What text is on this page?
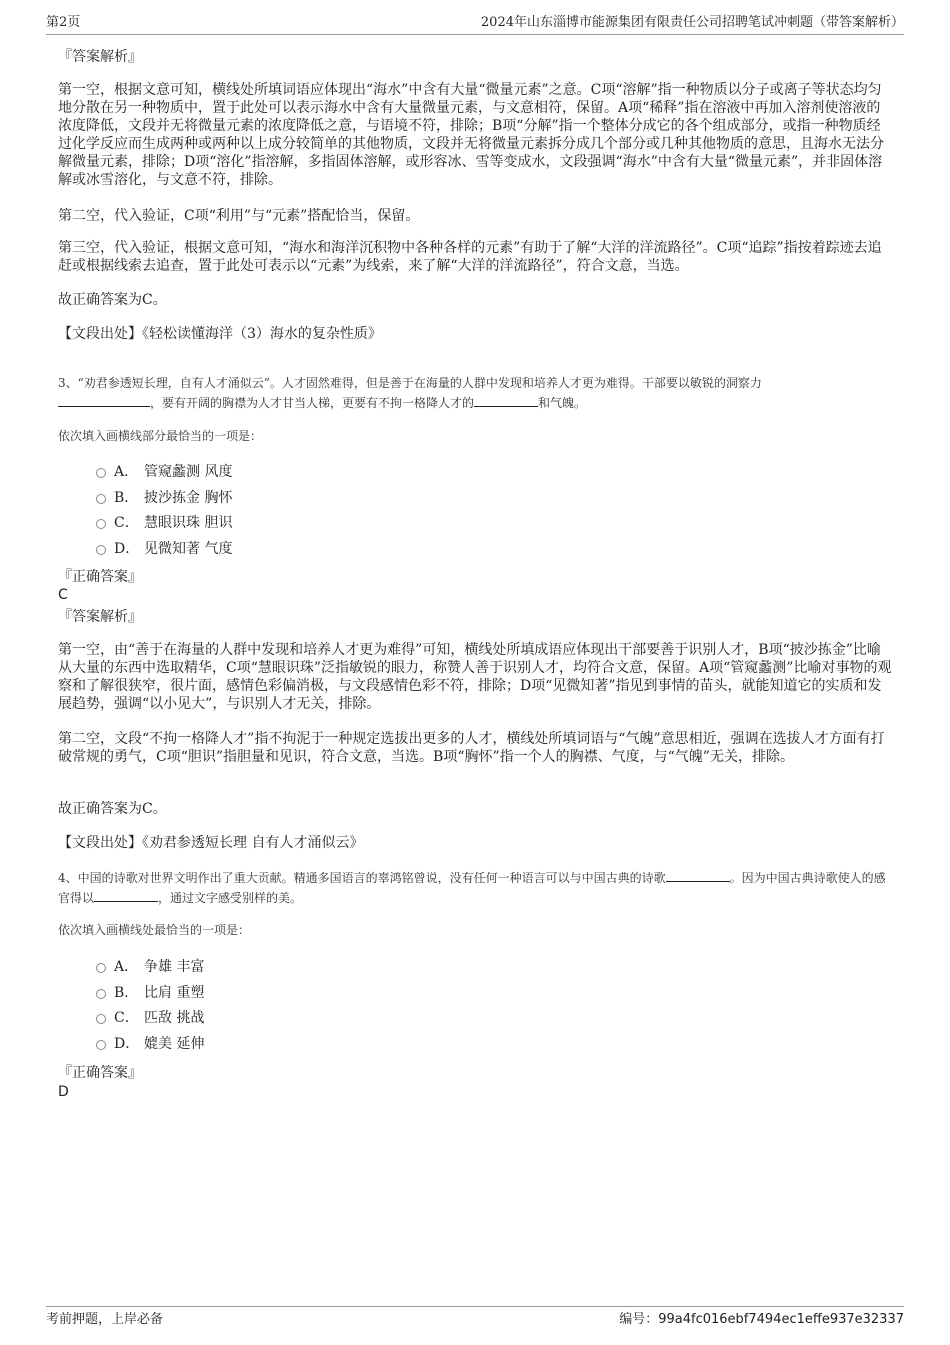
第2页	2024年山东淄博市能源集团有限责任公司招聘笔试冲刺题（带答案解析）

『答案解析』

第一空，根据文意可知，横线处所填词语应体现出“海水”中含有大量“微量元素”之意。C项“溶解”指一种物质以分子或离子等状态均匀地分散在另一种物质中，置于此处可以表示海水中含有大量微量元素，与文意相符，保留。A项“稀释”指在溶液中再加入溶剂使溶液的浓度降低，文段并无将微量元素的浓度降低之意，与语境不符，排除；B项“分解”指一个整体分成它的各个组成部分，或指一种物质经过化学反应而生成两种或两种以上成分较简单的其他物质，文段并无将微量元素拆分成几个部分或几种其他物质的意思，且海水无法分解微量元素，排除；D项“溶化”指溶解，多指固体溶解，或形容冰、雪等变成水，文段强调“海水”中含有大量“微量元素”，并非固体溶解或冰雪溶化，与文意不符，排除。

第二空，代入验证，C项“利用”与“元素”搭配恰当，保留。

第三空，代入验证，根据文意可知，“海水和海洋沉积物中各种各样的元素”有助于了解“大洋的洋流路径”。C项“追踪”指按着踪迹去追赶或根据线索去追查，置于此处可表示以“元素”为线索，来了解“大洋的洋流路径”，符合文意，当选。

故正确答案为C。

【文段出处】《轻松读懂海洋（3）海水的复杂性质》

3、“劝君参透短长理，自有人才涌似云”。人才固然难得，但是善于在海量的人群中发现和培养人才更为难得。干部要以敏锐的洞察力
，要有开阔的胸襟为人才甘当人梯，更要有不拘一格降人才的	和气魄。

依次填入画横线部分最恰当的一项是：

A． 管窥蠡测 风度
B． 披沙拣金 胸怀
C． 慧眼识珠 胆识
D． 见微知著 气度

『正确答案』

C

『答案解析』

第一空，由“善于在海量的人群中发现和培养人才更为难得”可知，横线处所填成语应体现出干部要善于识别人才，B项“披沙拣金”比喻从大量的东西中选取精华，C项“慧眼识珠”泛指敏锐的眼力，称赞人善于识别人才，均符合文意，保留。A项“管窥蠡测”比喻对事物的观察和了解很狭窄，很片面，感情色彩偏消极，与文段感情色彩不符，排除；D项“见微知著”指见到事情的苗头，就能知道它的实质和发展趋势，强调“以小见大”，与识别人才无关，排除。

第二空，文段“不拘一格降人才”指不拘泥于一种规定选拔出更多的人才，横线处所填词语与“气魄”意思相近，强调在选拔人才方面有打破常规的勇气，C项“胆识”指胆量和见识，符合文意，当选。B项“胸怀”指一个人的胸襟、气度，与“气魄”无关，排除。

故正确答案为C。

【文段出处】《劝君参透短长理 自有人才涌似云》

4、中国的诗歌对世界文明作出了重大贡献。精通多国语言的辜鸿铭曾说，没有任何一种语言可以与中国古典的诗歌	。因为中国古典诗歌使人的感官得以	，通过文字感受别样的美。

依次填入画横线处最恰当的一项是：

A． 争雄 丰富
B． 比肩 重塑
C． 匹敌 挑战
D． 媲美 延伸

『正确答案』

D

考前押题，上岸必备	编号：99a4fc016ebf7494ec1effe937e32337
